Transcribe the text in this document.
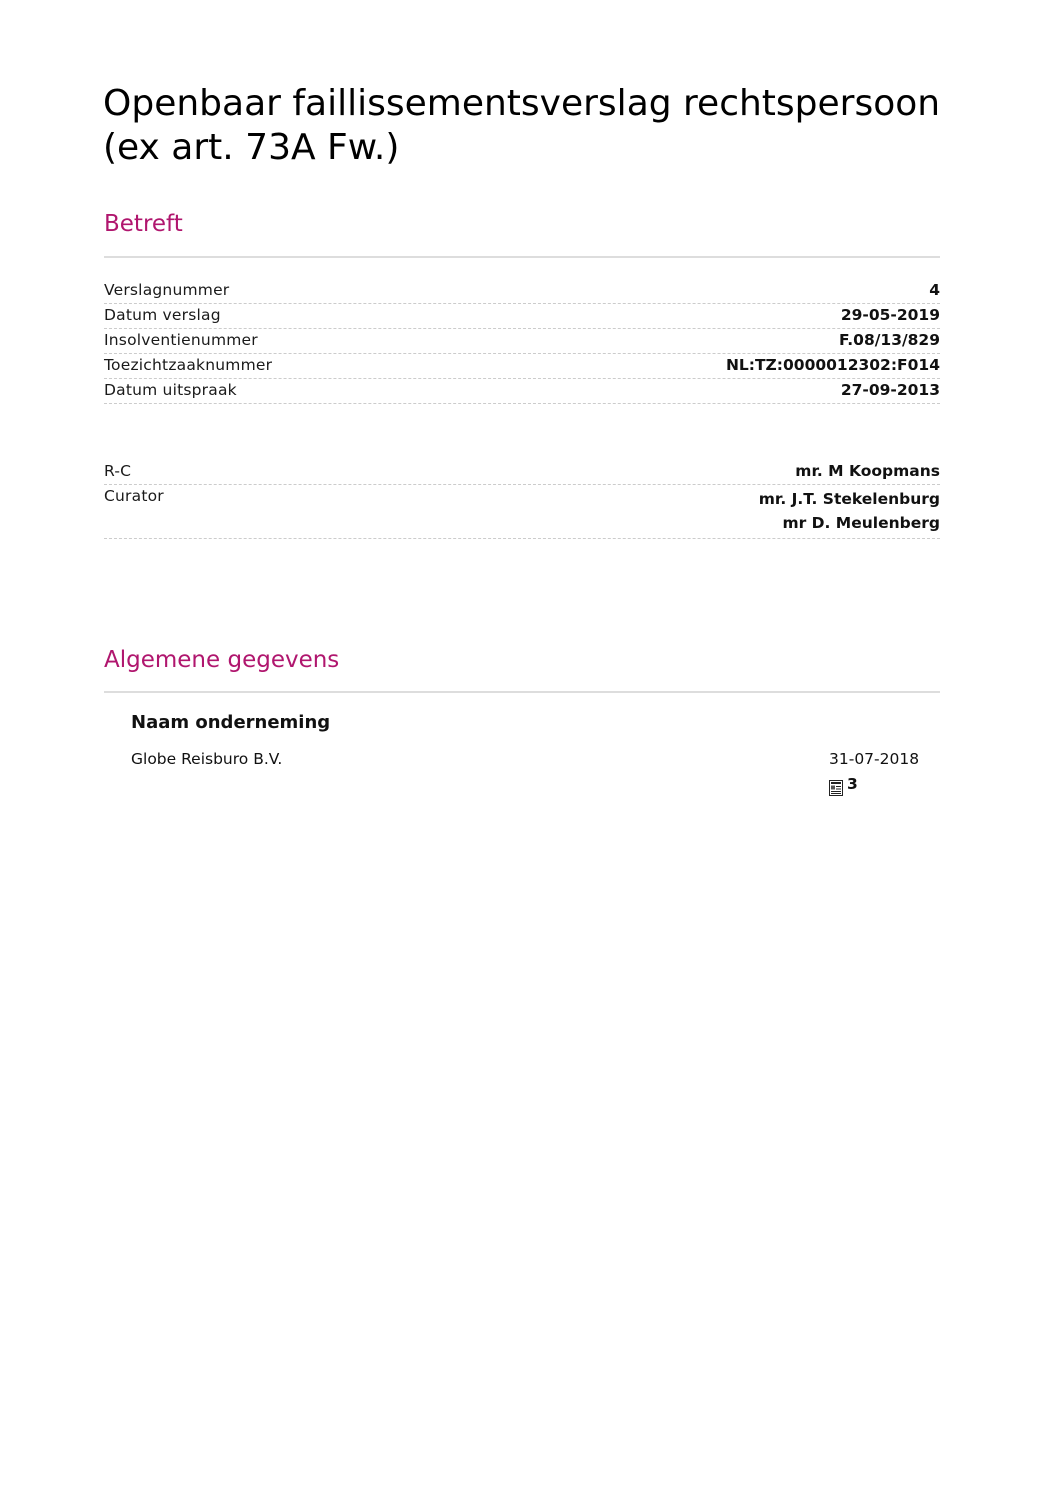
Openbaar faillissementsverslag rechtspersoon (ex art. 73A Fw.)
Betreft
Verslagnummer	4
Datum verslag	29-05-2019
Insolventienummer	F.08/13/829
Toezichtzaaknummer	NL:TZ:0000012302:F014
Datum uitspraak	27-09-2013
R-C	mr. M Koopmans
Curator	mr. J.T. Stekelenburg
mr D. Meulenberg
Algemene gegevens
Naam onderneming
Globe Reisburo B.V.	31-07-2018
3
